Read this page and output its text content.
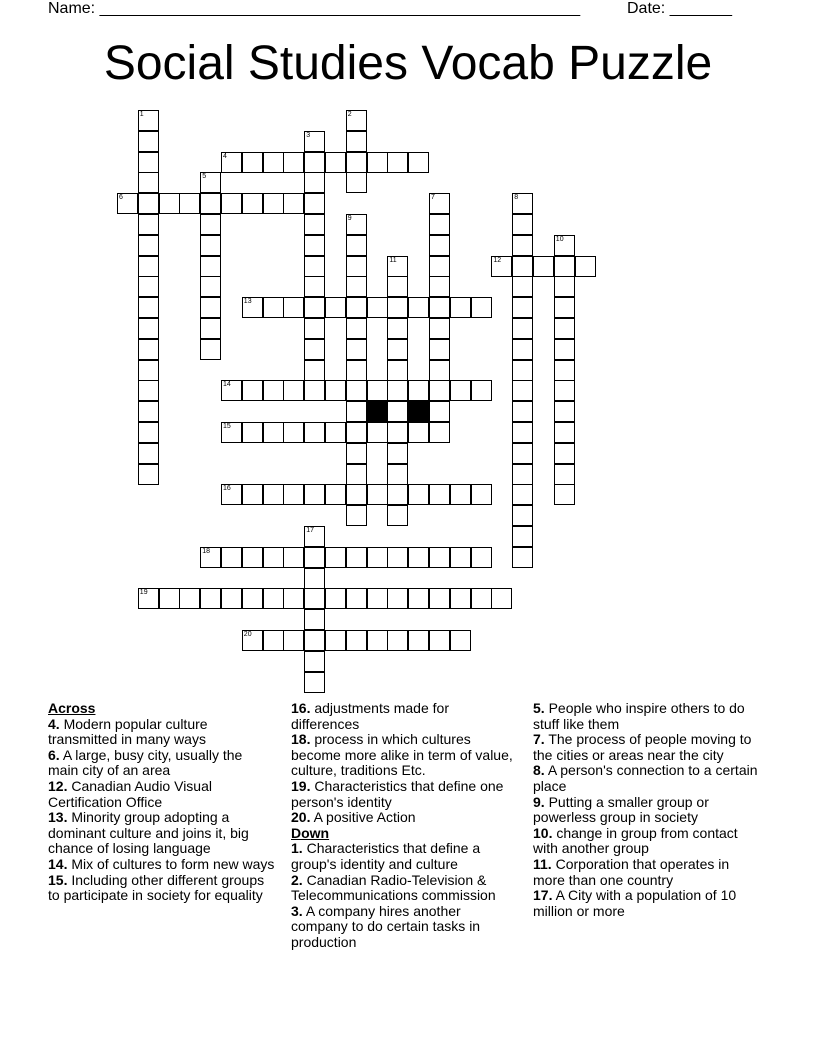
Name: ______________________________________________________	Date: _______
Social Studies Vocab Puzzle
1	2
3
4
5
6	7	8
9
10
11	12
13
14
15
16
17
18
19
20
Across
4. Modern popular culture transmitted in many ways
6. A large, busy city, usually the main city of an area
12. Canadian Audio Visual Certification Office
13. Minority group adopting a dominant culture and joins it, big chance of losing language
14. Mix of cultures to form new ways
15. Including other different groups to participate in society for equality
16. adjustments made for differences
18. process in which cultures become more alike in term of value, culture, traditions Etc.
19. Characteristics that define one person's identity
20. A positive Action
Down
1. Characteristics that define a group's identity and culture
2. Canadian Radio-Television & Telecommunications commission
3. A company hires another company to do certain tasks in production
5. People who inspire others to do stuff like them
7. The process of people moving to the cities or areas near the city
8. A person's connection to a certain place
9. Putting a smaller group or powerless group in society
10. change in group from contact with another group
11. Corporation that operates in more than one country
17. A City with a population of 10 million or more
